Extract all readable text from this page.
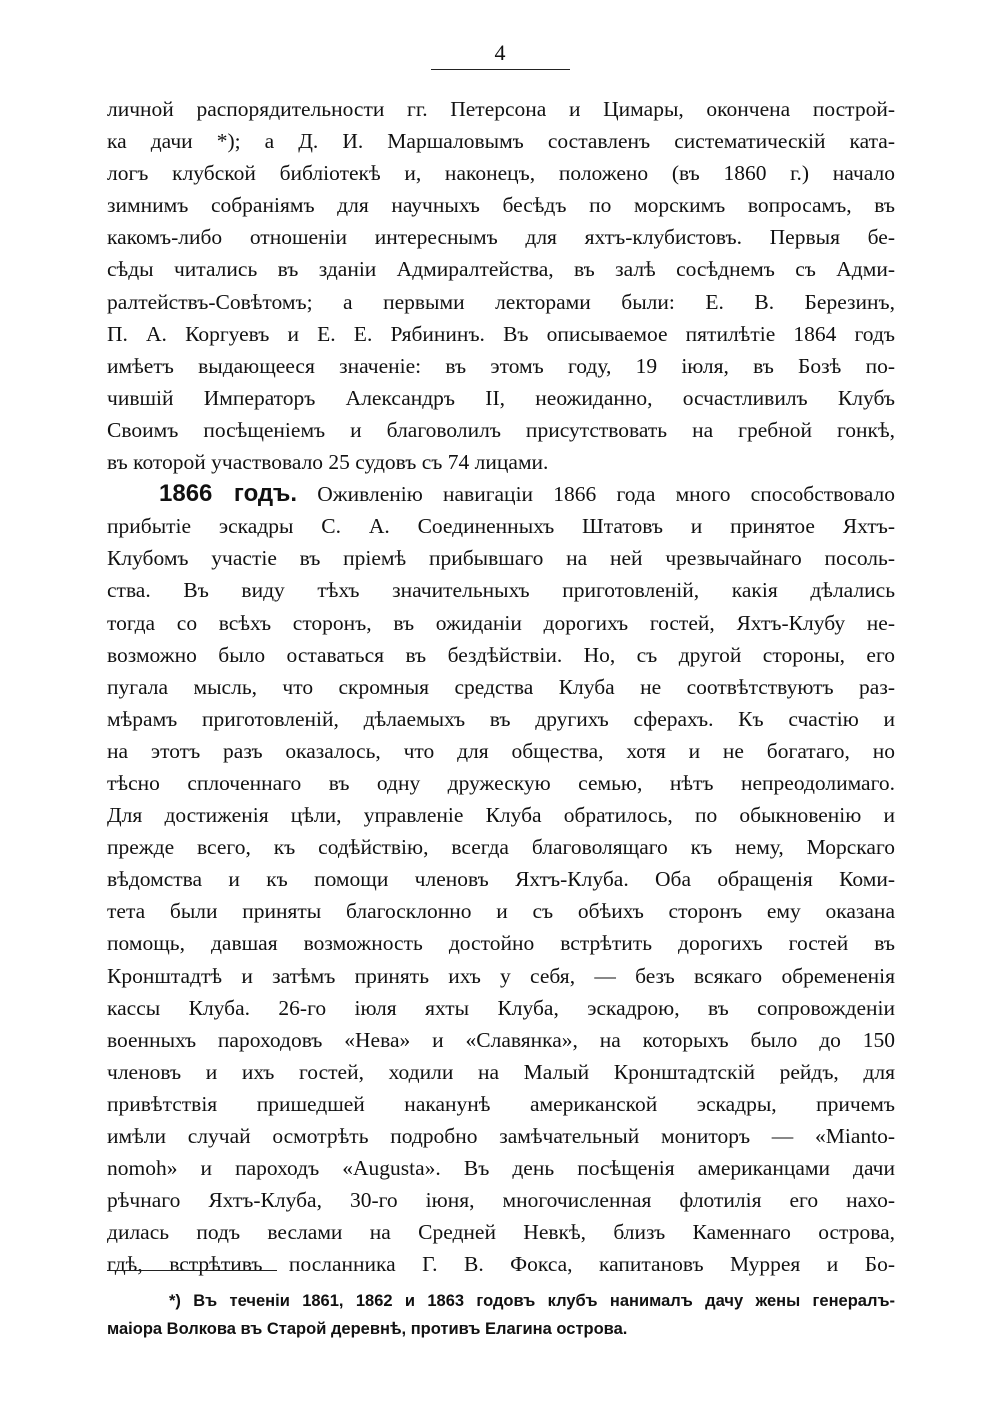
4
личной распорядительности гг. Петерсона и Цимары, окончена построй-
ка дачи *); а Д. И. Маршаловымъ составленъ систематическій ката-
логъ клубской библіотекѣ и, наконецъ, положено (въ 1860 г.) начало
зимнимъ собраніямъ для научныхъ бесѣдъ по морскимъ вопросамъ, въ
какомъ-либо отношеніи интереснымъ для яхтъ-клубистовъ. Первыя бе-
сѣды читались въ зданіи Адмиралтейства, въ залѣ сосѣднемъ съ Адми-
ралтействъ-Совѣтомъ; а первыми лекторами были: Е. В. Березинъ,
П. А. Коргуевъ и Е. Е. Рябининъ. Въ описываемое пятилѣтіе 1864 годъ
имѣетъ выдающееся значеніе: въ этомъ году, 19 іюля, въ Бозѣ по-
чившій Императоръ Александръ II, неожиданно, осчастливилъ Клубъ
Своимъ посѣщеніемъ и благоволилъ присутствовать на гребной гонкѣ,
въ которой участвовало 25 судовъ съ 74 лицами.
1866 годъ. Оживленію навигаціи 1866 года много способствовало
прибытіе эскадры С. А. Соединенныхъ Штатовъ и принятое Яхтъ-
Клубомъ участіе въ пріемѣ прибывшаго на ней чрезвычайнаго посоль-
ства. Въ виду тѣхъ значительныхъ приготовленій, какія дѣлались
тогда со всѣхъ сторонъ, въ ожиданіи дорогихъ гостей, Яхтъ-Клубу не-
возможно было оставаться въ бездѣйствіи. Но, съ другой стороны, его
пугала мысль, что скромныя средства Клуба не соотвѣтствуютъ раз-
мѣрамъ приготовленій, дѣлаемыхъ въ другихъ сферахъ. Къ счастію и
на этотъ разъ оказалось, что для общества, хотя и не богатаго, но
тѣсно сплоченнаго въ одну дружескую семью, нѣтъ непреодолимаго.
Для достиженія цѣли, управленіе Клуба обратилось, по обыкновенію и
прежде всего, къ содѣйствію, всегда благоволящаго къ нему, Морскаго
вѣдомства и къ помощи членовъ Яхтъ-Клуба. Оба обращенія Коми-
тета были приняты благосклонно и съ обѣихъ сторонъ ему оказана
помощь, давшая возможность достойно встрѣтить дорогихъ гостей въ
Кронштадтѣ и затѣмъ принять ихъ у себя, — безъ всякаго обремененія
кассы Клуба. 26-го іюля яхты Клуба, эскадрою, въ сопровожденіи
военныхъ пароходовъ «Нева» и «Славянка», на которыхъ было до 150
членовъ и ихъ гостей, ходили на Малый Кронштадтскій рейдъ, для
привѣтствія пришедшей наканунѣ американской эскадры, причемъ
имѣли случай осмотрѣть подробно замѣчательный мониторъ — «Mianto-
nomoh» и пароходъ «Augusta». Въ день посѣщенія американцами дачи
рѣчнаго Яхтъ-Клуба, 30-го іюня, многочисленная флотилія его нахо-
дилась подъ веслами на Средней Невкѣ, близъ Каменнаго острова,
гдѣ, встрѣтивъ посланника Г. В. Фокса, капитановъ Муррея и Бо-
*) Въ теченіи 1861, 1862 и 1863 годовъ клубъ нанималъ дачу жены генералъ-
маіора Волкова въ Старой деревнѣ, противъ Елагина острова.
